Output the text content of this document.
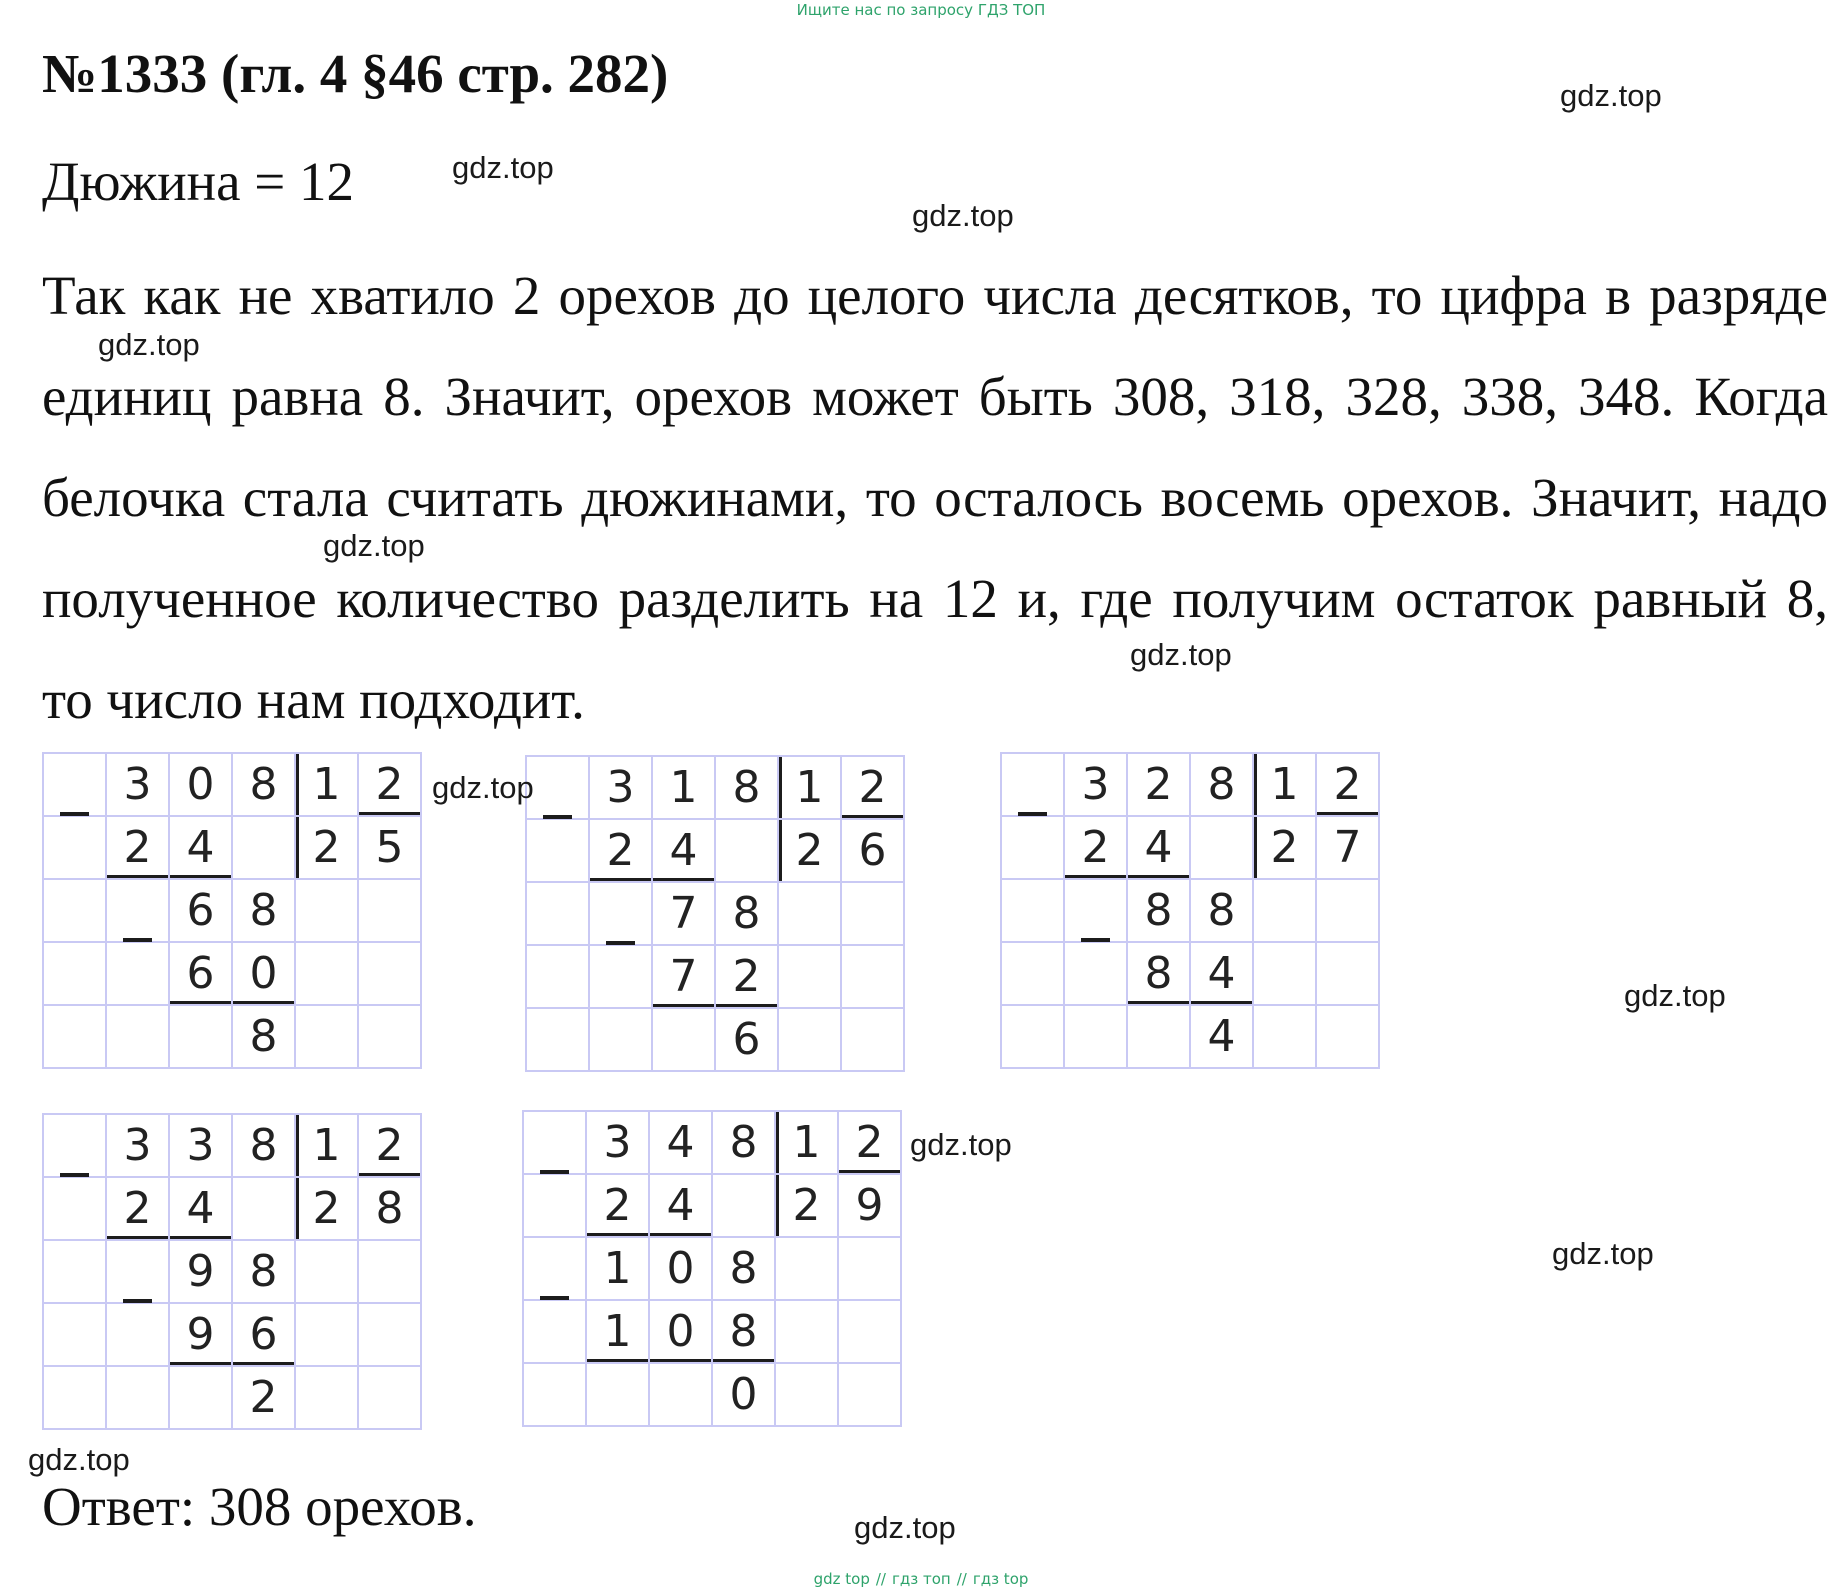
Ищите нас по запросу ГДЗ ТОП
№1333 (гл. 4 §46 стр. 282)
Дюжина = 12
Так как не хватило 2 орехов до целого числа десятков, то цифра в разряде единиц равна 8. Значит, орехов может быть 308, 318, 328, 338, 348. Когда белочка стала считать дюжинами, то осталось восемь орехов. Значит, надо полученное количество разделить на 12 и, где получим остаток равный 8, то число нам подходит.
3 0 8 1 2
2 4	2 5
6 8
6 0
8
3 1 8 1 2
2 4	2 6
7 8
7 2
6
3 2 8 1 2
2 4	2 7
8 8
8 4
4
3 3 8 1 2
2 4	2 8
9 8
9 6
2
3 4 8 1 2
2 4	2 9
1 0 8
1 0 8
0
Ответ: 308 орехов.
gdz.top
gdz.top
gdz.top
gdz.top
gdz.top
gdz.top
gdz.top
gdz.top
gdz.top
gdz.top
gdz.top
gdz.top
gdz top // гдз топ // гдз top
